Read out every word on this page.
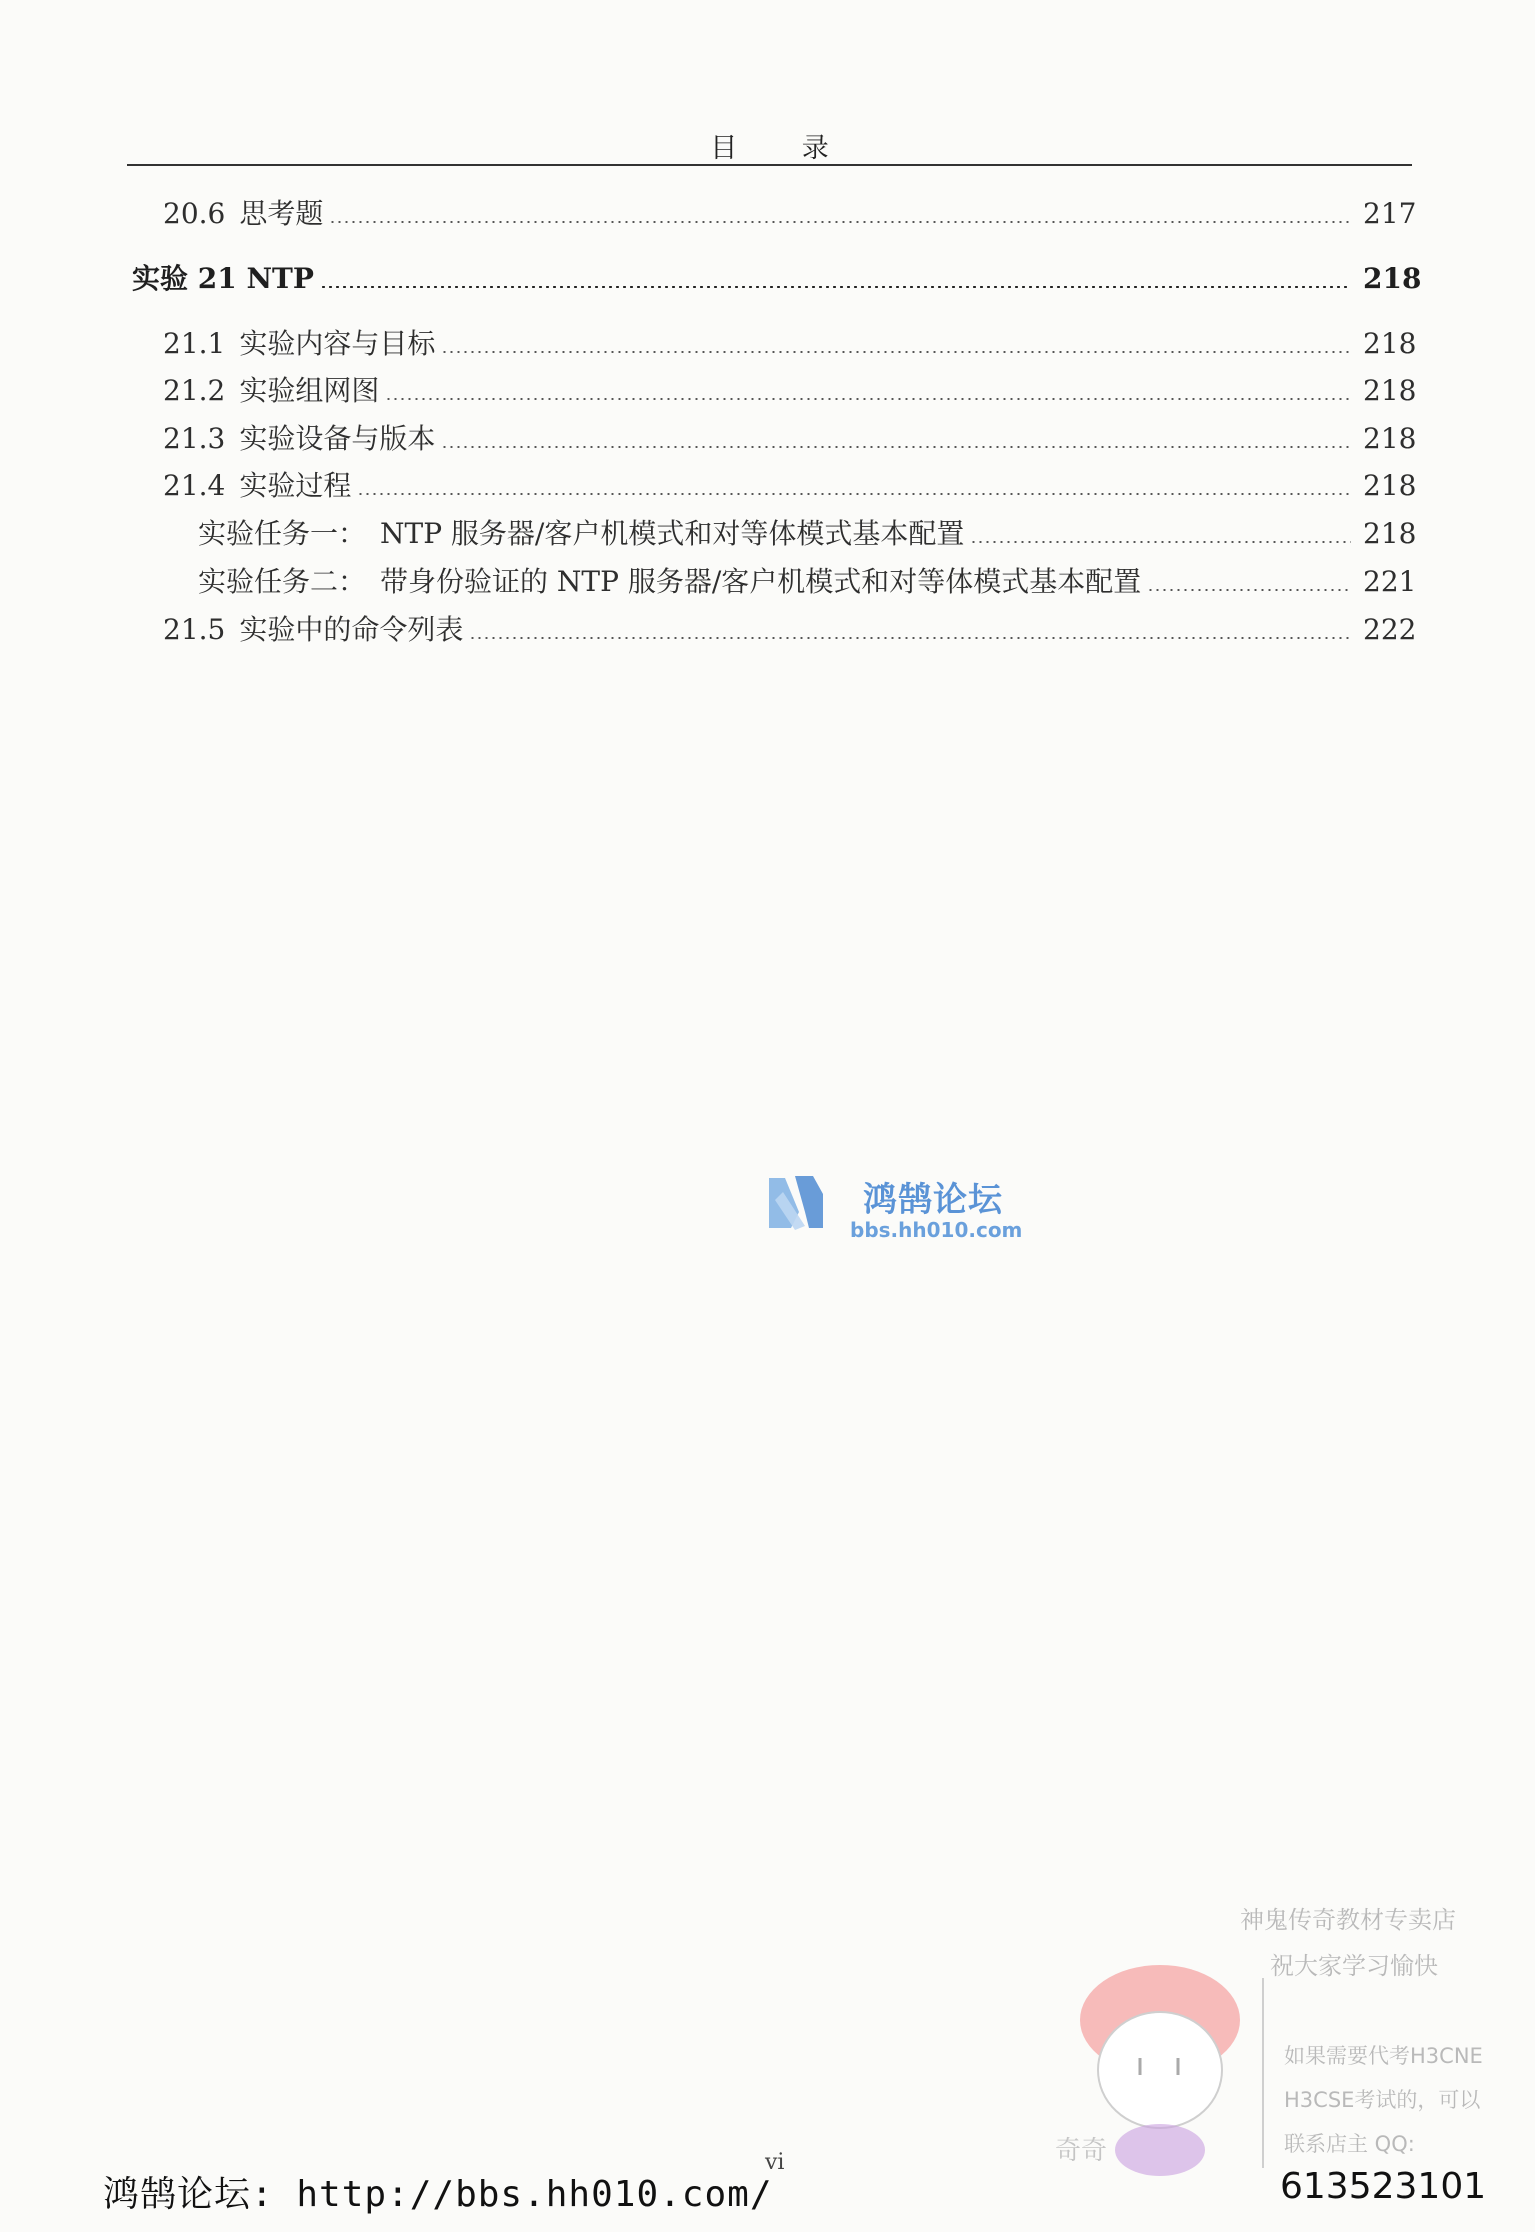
目 录
20.6 思考题	217
实验 21 NTP	218
21.1 实验内容与目标	218
21.2 实验组网图	218
21.3 实验设备与版本	218
21.4 实验过程	218
实验任务一： NTP 服务器/客户机模式和对等体模式基本配置	218
实验任务二： 带身份验证的 NTP 服务器/客户机模式和对等体模式基本配置	221
21.5 实验中的命令列表	222
鸿鹄论坛
bbs.hh010.com
神鬼传奇教材专卖店
祝大家学习愉快
如果需要代考H3CNE
H3CSE考试的，可以
联系店主 QQ:
奇奇
vi
鸿鹄论坛: http://bbs.hh010.com/	613523101
